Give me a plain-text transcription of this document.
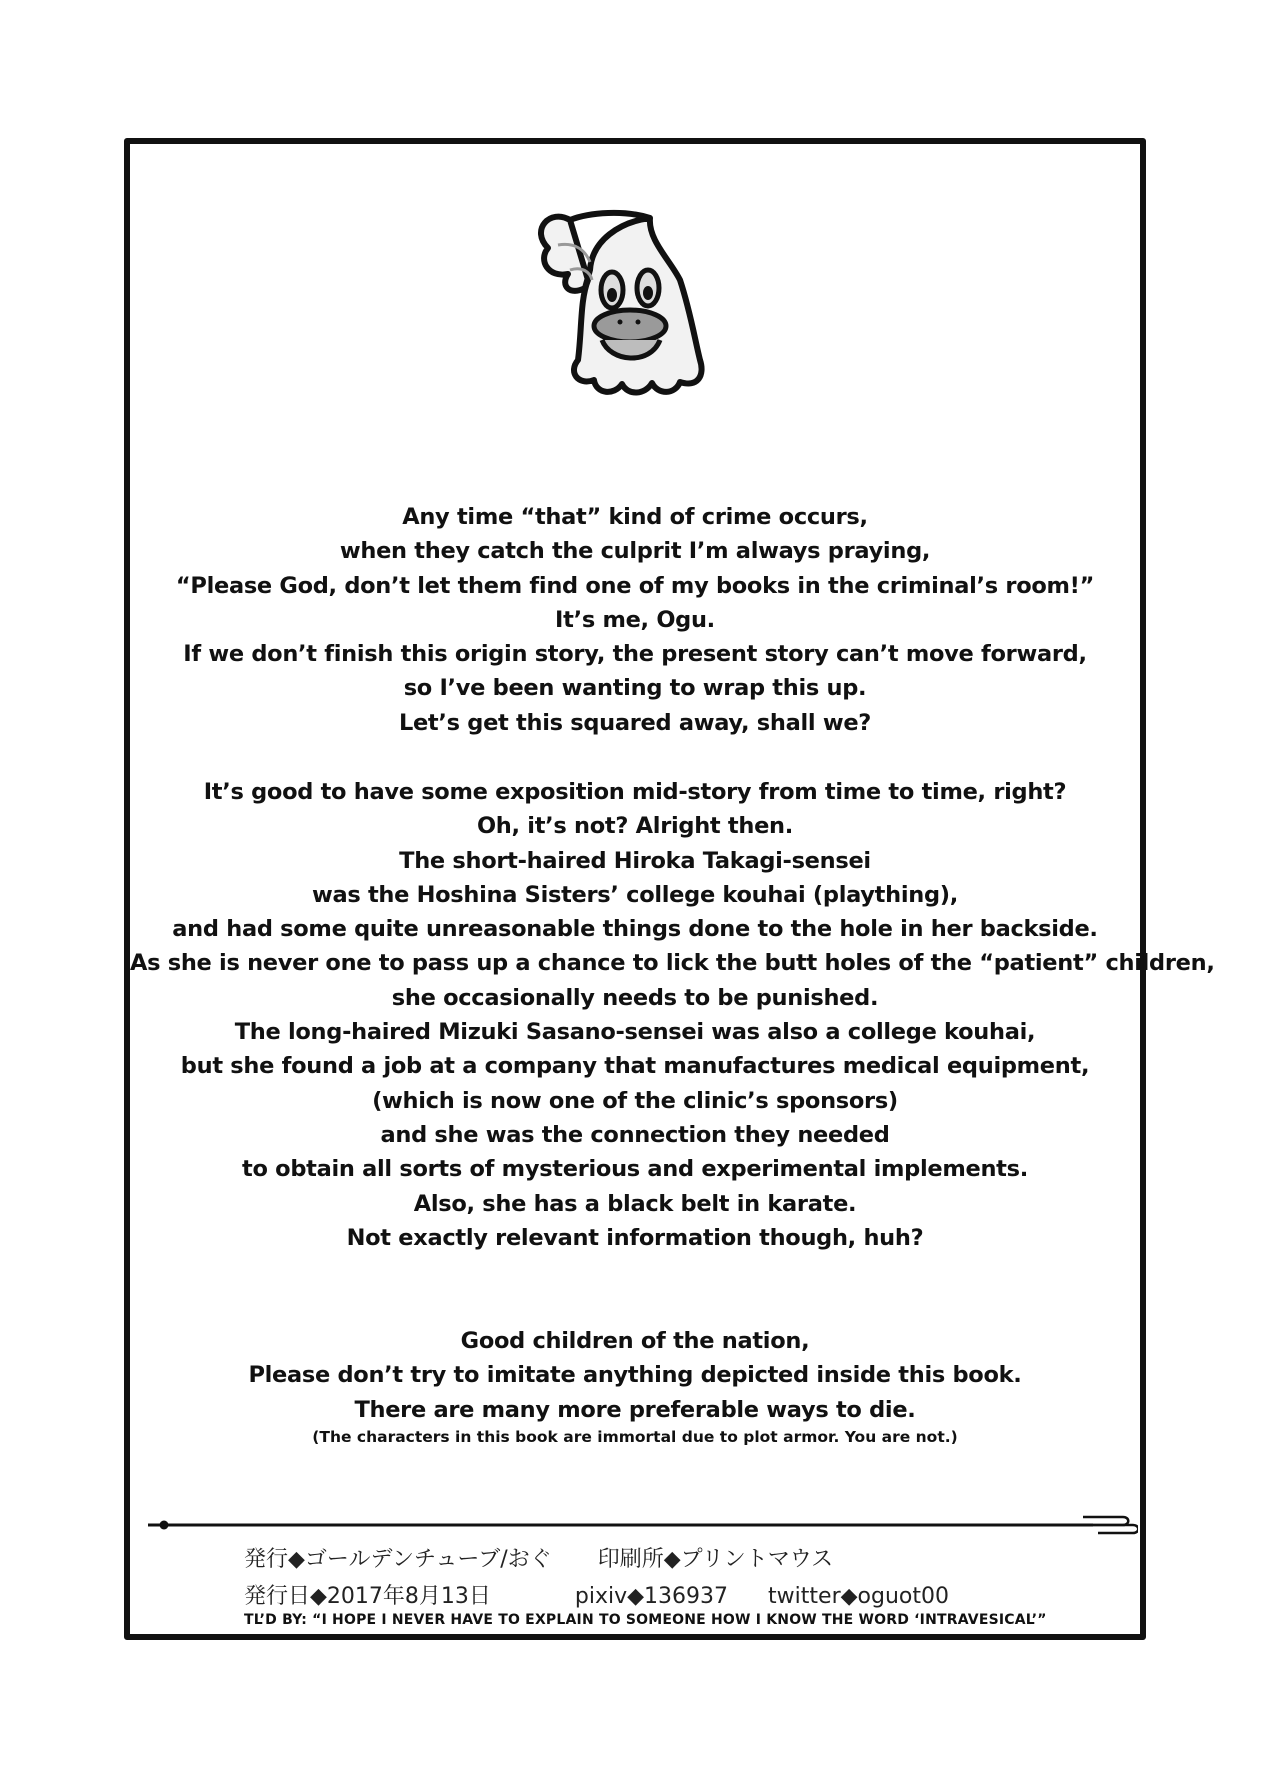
Any time “that” kind of crime occurs,
when they catch the culprit I’m always praying,
“Please God, don’t let them find one of my books in the criminal’s room!”
It’s me, Ogu.
If we don’t finish this origin story, the present story can’t move forward,
so I’ve been wanting to wrap this up.
Let’s get this squared away, shall we?
It’s good to have some exposition mid-story from time to time, right?
Oh, it’s not? Alright then.
The short-haired Hiroka Takagi-sensei
was the Hoshina Sisters’ college kouhai (plaything),
and had some quite unreasonable things done to the hole in her backside.
As she is never one to pass up a chance to lick the butt holes of the “patient” children,
she occasionally needs to be punished.
The long-haired Mizuki Sasano-sensei was also a college kouhai,
but she found a job at a company that manufactures medical equipment,
(which is now one of the clinic’s sponsors)
and she was the connection they needed
to obtain all sorts of mysterious and experimental implements.
Also, she has a black belt in karate.
Not exactly relevant information though, huh?
Good children of the nation,
Please don’t try to imitate anything depicted inside this book.
There are many more preferable ways to die.
(The characters in this book are immortal due to plot armor. You are not.)
発行◆ゴールデンチューブ/おぐ 印刷所◆プリントマウス
発行日◆2017年8月13日	pixiv◆136937 twitter◆oguot00
TL’D BY: “I HOPE I NEVER HAVE TO EXPLAIN TO SOMEONE HOW I KNOW THE WORD ‘INTRAVESICAL’”
